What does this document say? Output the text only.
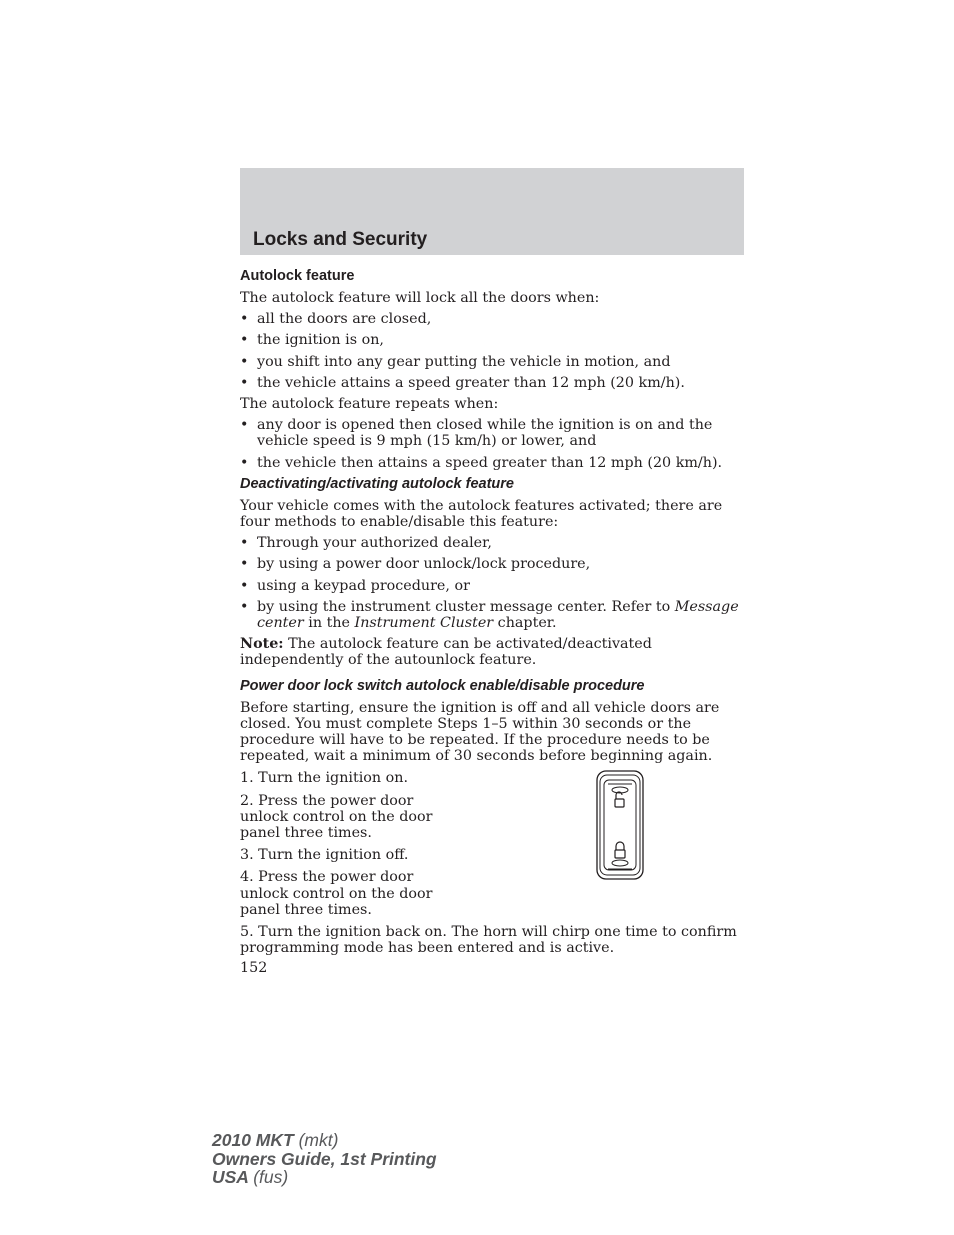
Locks and Security
Autolock feature

The autolock feature will lock all the doors when:

• all the doors are closed,
• the ignition is on,
• you shift into any gear putting the vehicle in motion, and
• the vehicle attains a speed greater than 12 mph (20 km/h).

The autolock feature repeats when:

• any door is opened then closed while the ignition is on and the vehicle speed is 9 mph (15 km/h) or lower, and
• the vehicle then attains a speed greater than 12 mph (20 km/h).
Deactivating/activating autolock feature

Your vehicle comes with the autolock features activated; there are four methods to enable/disable this feature:

• Through your authorized dealer,
• by using a power door unlock/lock procedure,
• using a keypad procedure, or
• by using the instrument cluster message center. Refer to Message center in the Instrument Cluster chapter.

Note: The autolock feature can be activated/deactivated independently of the autounlock feature.

Power door lock switch autolock enable/disable procedure

Before starting, ensure the ignition is off and all vehicle doors are closed. You must complete Steps 1–5 within 30 seconds or the procedure will have to be repeated. If the procedure needs to be repeated, wait a minimum of 30 seconds before beginning again.

1. Turn the ignition on.

2. Press the power door unlock control on the door panel three times.

3. Turn the ignition off.

4. Press the power door unlock control on the door panel three times.

5. Turn the ignition back on. The horn will chirp one time to confirm programming mode has been entered and is active.

152

2010 MKT (mkt)
Owners Guide, 1st Printing
USA (fus)
